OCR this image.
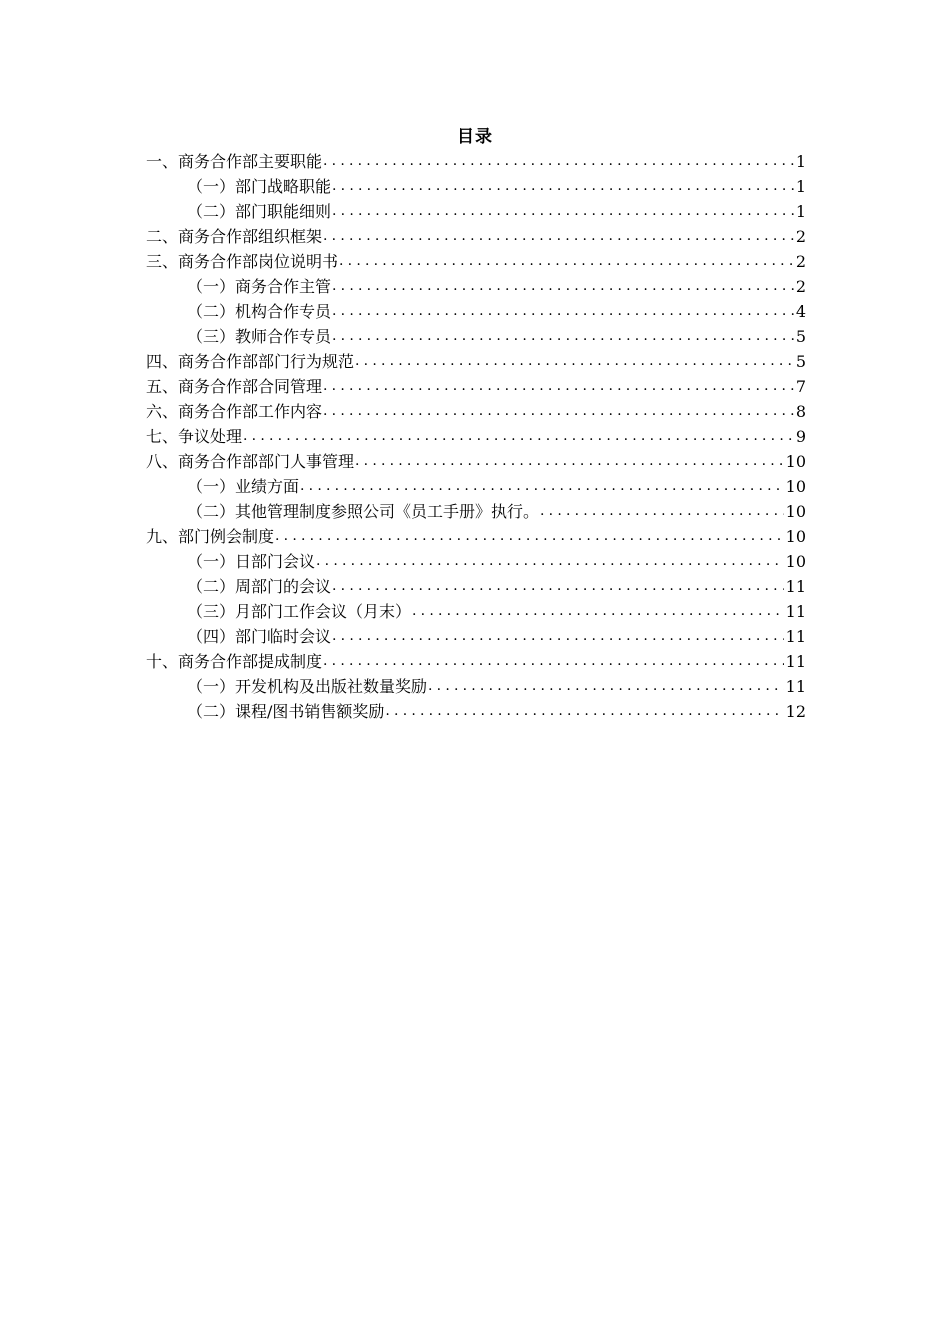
目录
一、商务合作部主要职能 .....	1
（一）部门战略职能 .....	1
（二）部门职能细则 .....	1
二、商务合作部组织框架 .....	2
三、商务合作部岗位说明书 .....	2
（一）商务合作主管 .....	2
（二）机构合作专员 .....	4
（三）教师合作专员 .....	5
四、商务合作部部门行为规范 .....	5
五、商务合作部合同管理 .....	7
六、商务合作部工作内容 .....	8
七、争议处理 .....	9
八、商务合作部部门人事管理 .....	10
（一）业绩方面 .....	10
（二）其他管理制度参照公司《员工手册》执行。 .....	10
九、部门例会制度 .....	10
（一）日部门会议 .....	10
（二）周部门的会议 .....	11
（三）月部门工作会议（月末） .....	11
（四）部门临时会议 .....	11
十、商务合作部提成制度 .....	11
（一）开发机构及出版社数量奖励 .....	11
（二）课程/图书销售额奖励 .....	12
